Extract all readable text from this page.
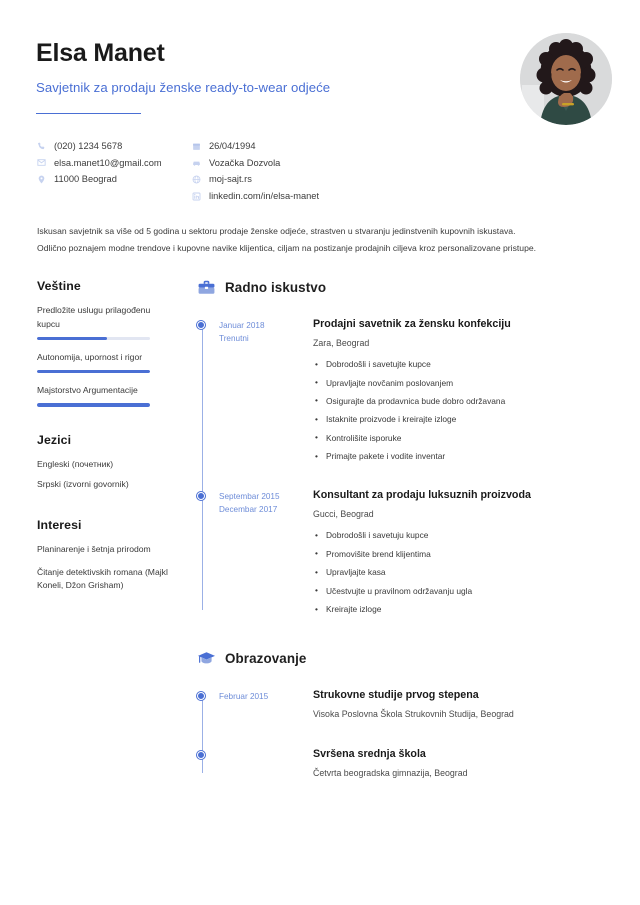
Elsa Manet
Savjetnik za prodaju ženske ready-to-wear odjeće
(020) 1234 5678
elsa.manet10@gmail.com
11000 Beograd
26/04/1994
Vozačka Dozvola
moj-sajt.rs
linkedin.com/in/elsa-manet
Iskusan savjetnik sa više od 5 godina u sektoru prodaje ženske odjeće, strastven u stvaranju jedinstvenih kupovnih iskustava.
Odlično poznajem modne trendove i kupovne navike klijentica, ciljam na postizanje prodajnih ciljeva kroz personalizovane pristupe.
Veštine
Predložite uslugu prilagođenu kupcu
Autonomija, upornost i rigor
Majstorstvo Argumentacije
Jezici
Engleski (почетник)
Srpski (izvorni govornik)
Interesi
Planinarenje i šetnja prirodom
Čitanje detektivskih romana (Majkl Koneli, Džon Grisham)
Radno iskustvo
Januar 2018
Trenutni
Prodajni savetnik za žensku konfekciju
Zara, Beograd
• Dobrodošli i savetujte kupce
• Upravljajte novčanim poslovanjem
• Osigurajte da prodavnica bude dobro održavana
• Istaknite proizvode i kreirajte izloge
• Kontrolišite isporuke
• Primajte pakete i vodite inventar
Septembar 2015
Decembar 2017
Konsultant za prodaju luksuznih proizvoda
Gucci, Beograd
• Dobrodošli i savetuju kupce
• Promovišite brend klijentima
• Upravljajte kasa
• Učestvujte u pravilnom održavanju ugla
• Kreirajte izloge
Obrazovanje
Februar 2015	Strukovne studije prvog stepena
Visoka Poslovna Škola Strukovnih Studija, Beograd
Svršena srednja škola
Četvrta beogradska gimnazija, Beograd
